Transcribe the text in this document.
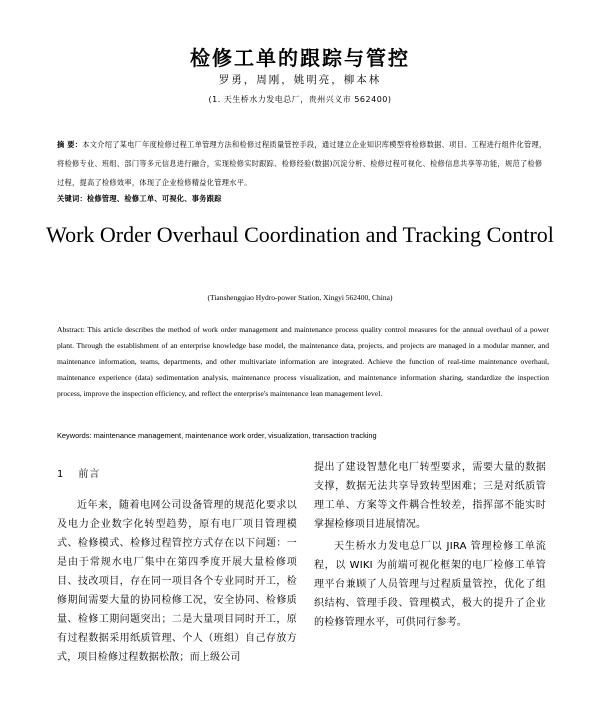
检修工单的跟踪与管控
罗勇，周刚，姚明亮，柳本林
(1. 天生桥水力发电总厂，贵州兴义市 562400)
摘 要：本文介绍了某电厂年度检修过程工单管理方法和检修过程质量管控手段，通过建立企业知识库模型将检修数据、项目、工程进行组件化管理，将检修专业、班组、部门等多元信息进行融合，实现检修实时跟踪、检修经验(数据)沉淀分析、检修过程可视化、检修信息共享等功能，规范了检修过程，提高了检修效率，体现了企业检修精益化管理水平。
关键词：检修管理、检修工单、可视化、事务跟踪
Work Order Overhaul Coordination and Tracking Control
(Tianshengqiao Hydro-power Station, Xingyi 562400, China)
Abstract: This article describes the method of work order management and maintenance process quality control measures for the annual overhaul of a power plant. Through the establishment of an enterprise knowledge base model, the maintenance data, projects, and projects are managed in a modular manner, and maintenance information, teams, departments, and other multivariate information are integrated. Achieve the function of real-time maintenance overhaul, maintenance experience (data) sedimentation analysis, maintenance process visualization, and maintenance information sharing, standardize the inspection process, improve the inspection efficiency, and reflect the enterprise's maintenance lean management level.
Keywords: maintenance management, maintenance work order, visualization, transaction tracking
1 前言

近年来，随着电网公司设备管理的规范化要求以及电力企业数字化转型趋势，原有电厂项目管理模式、检修模式、检修过程管控方式存在以下问题：一是由于常规水电厂集中在第四季度开展大量检修项目、技改项目，存在同一项目各个专业同时开工，检修期间需要大量的协同检修工况，安全协同、检修质量、检修工期问题突出；二是大量项目同时开工，原有过程数据采用纸质管理、个人（班组）自己存放方式，项目检修过程数据松散；而上级公司

提出了建设智慧化电厂转型要求，需要大量的数据支撑，数据无法共享导致转型困难；三是对纸质管理工单、方案等文件耦合性较差，指挥部不能实时掌握检修项目进展情况。

天生桥水力发电总厂以 JIRA 管理检修工单流程，以 WIKI 为前端可视化框架的电厂检修工单管理平台兼顾了人员管理与过程质量管控，优化了组织结构、管理手段、管理模式，极大的提升了企业的检修管理水平，可供同行参考。
